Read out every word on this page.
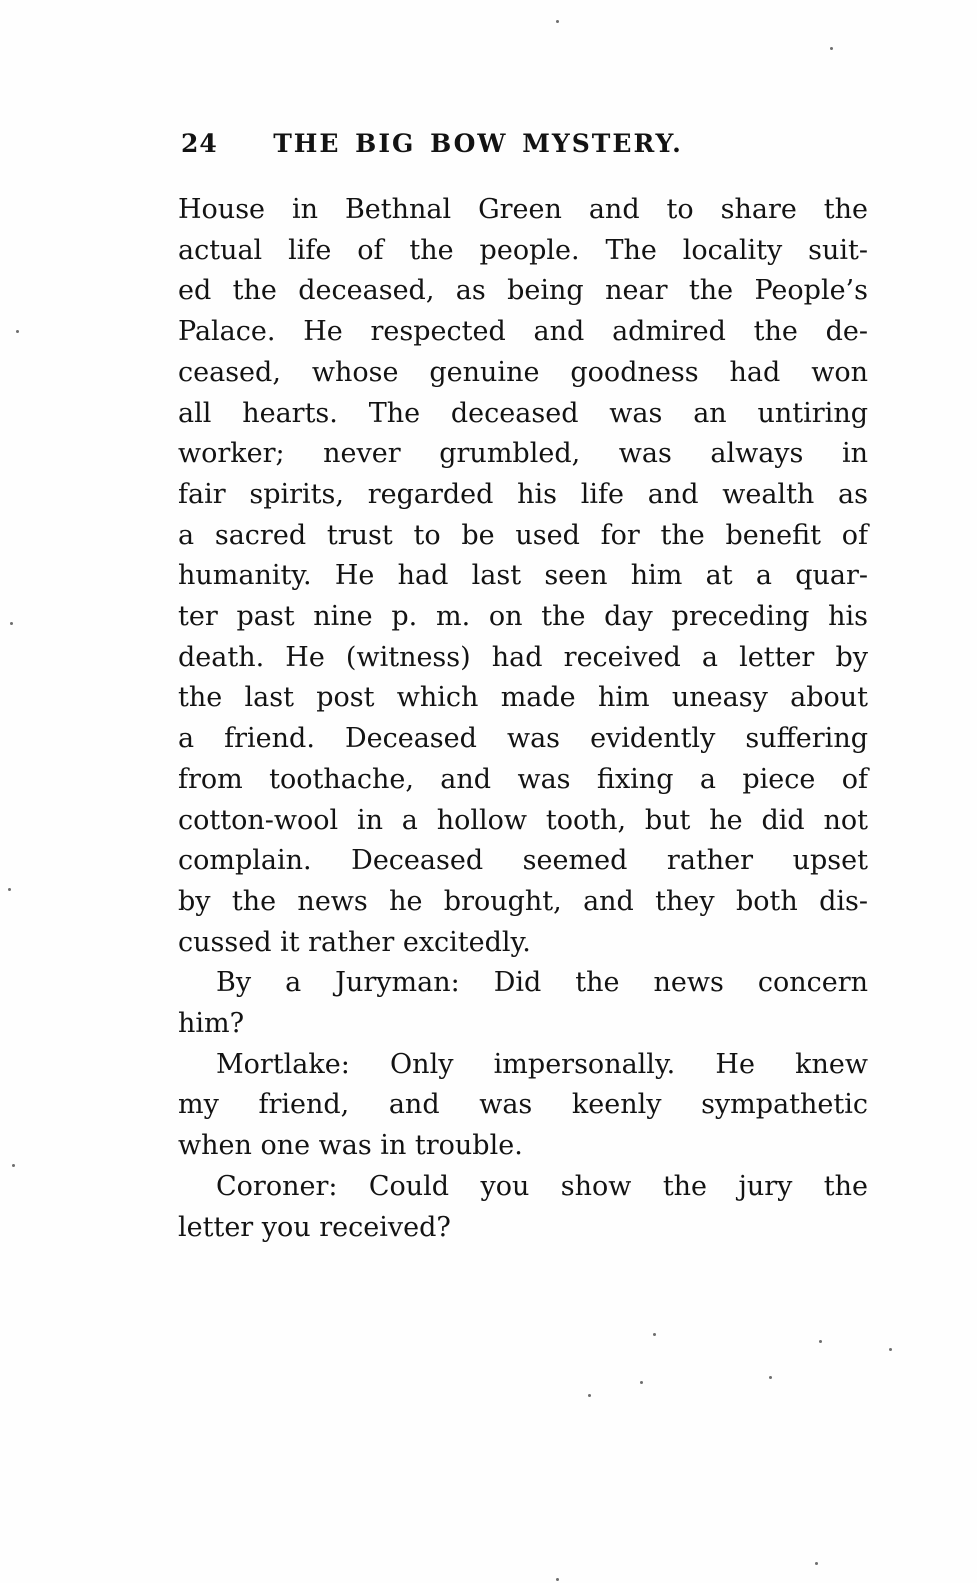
24	THE BIG BOW MYSTERY.
House in Bethnal Green and to share the
actual life of the people. The locality suit-
ed the deceased, as being near the People’s
Palace. He respected and admired the de-
ceased, whose genuine goodness had won
all hearts. The deceased was an untiring
worker; never grumbled, was always in
fair spirits, regarded his life and wealth as
a sacred trust to be used for the benefit of
humanity. He had last seen him at a quar-
ter past nine p. m. on the day preceding his
death. He (witness) had received a letter by
the last post which made him uneasy about
a friend. Deceased was evidently suffering
from toothache, and was fixing a piece of
cotton-wool in a hollow tooth, but he did not
complain. Deceased seemed rather upset
by the news he brought, and they both dis-
cussed it rather excitedly.
By a Juryman: Did the news concern
him?
Mortlake: Only impersonally. He knew
my friend, and was keenly sympathetic
when one was in trouble.
Coroner: Could you show the jury the
letter you received?
